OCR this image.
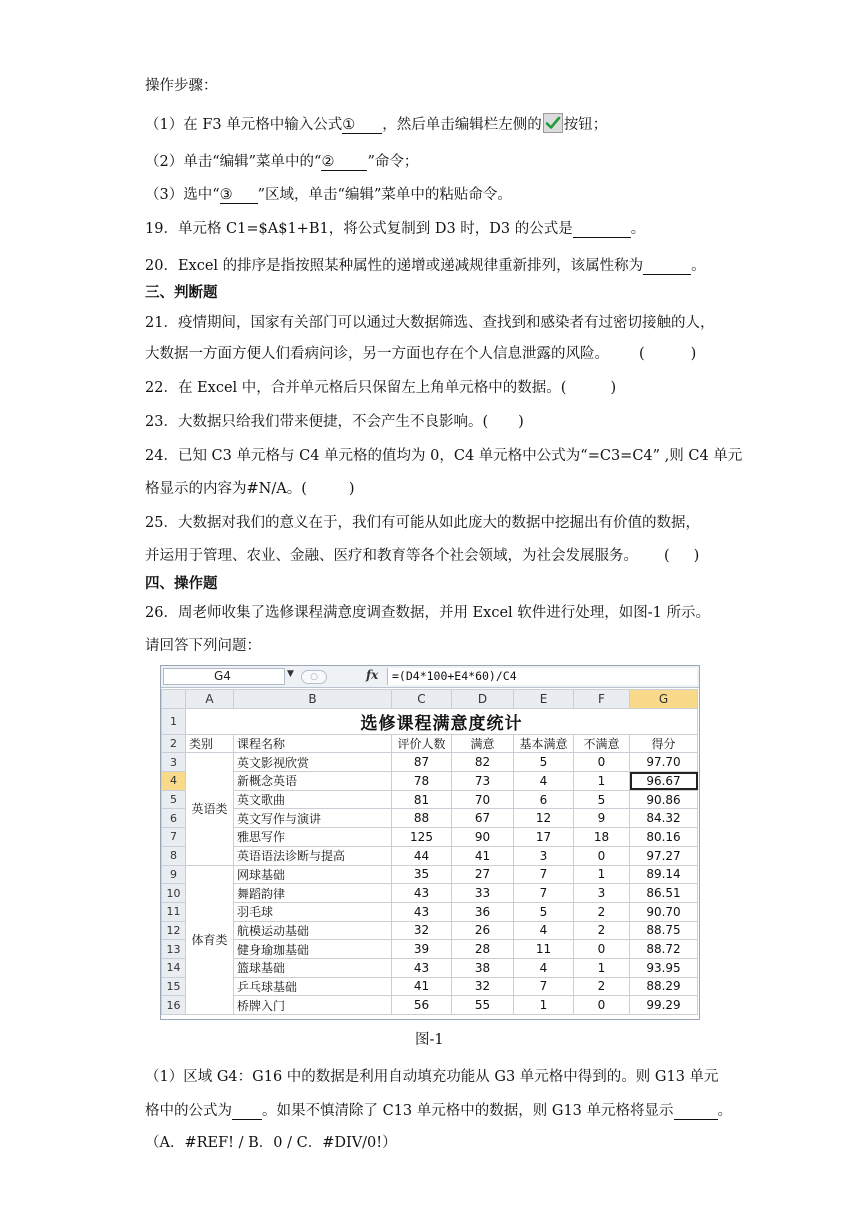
操作步骤：
（1）在 F3 单元格中输入公式① ，然后单击编辑栏左侧的 按钮；
（2）单击“编辑”菜单中的“② ”命令；
（3）选中“③ ”区域，单击“编辑”菜单中的粘贴命令。
19．单元格 C1=$A$1+B1，将公式复制到 D3 时，D3 的公式是	。
20．Excel 的排序是指按照某种属性的递增或递减规律重新排列，该属性称为	。
三、判断题
21．疫情期间，国家有关部门可以通过大数据筛选、查找到和感染者有过密切接触的人，
大数据一方面方便人们看病问诊，另一方面也存在个人信息泄露的风险。 (	)
22．在 Excel 中，合并单元格后只保留左上角单元格中的数据。(	)
23．大数据只给我们带来便捷，不会产生不良影响。( )
24．已知 C3 单元格与 C4 单元格的值均为 0，C4 单元格中公式为“=C3=C4” ,则 C4 单元
格显示的内容为#N/A。(	)
25．大数据对我们的意义在于，我们有可能从如此庞大的数据中挖掘出有价值的数据，
并运用于管理、农业、金融、医疗和教育等各个社会领域，为社会发展服务。 ( )
四、操作题
26．周老师收集了选修课程满意度调查数据，并用 Excel 软件进行处理，如图-1 所示。
请回答下列问题：
G4	▼	○	fx	=(D4*100+E4*60)/C4
	A	B	C	D	E	F	G
1	选修课程满意度统计						
2	类别	课程名称	评价人数	满意	基本满意	不满意	得分
3	英语类	英文影视欣赏	87	82	5	0	97.70
4		新概念英语	78	73	4	1	96.67
5		英文歌曲	81	70	6	5	90.86
6		英文写作与演讲	88	67	12	9	84.32
7		雅思写作	125	90	17	18	80.16
8		英语语法诊断与提高	44	41	3	0	97.27
9	体育类	网球基础	35	27	7	1	89.14
10		舞蹈韵律	43	33	7	3	86.51
11		羽毛球	43	36	5	2	90.70
12		航模运动基础	32	26	4	2	88.75
13		健身瑜珈基础	39	28	11	0	88.72
14		篮球基础	43	38	4	1	93.95
15		乒乓球基础	41	32	7	2	88.29
16		桥牌入门	56	55	1	0	99.29
图-1
（1）区域 G4：G16 中的数据是利用自动填充功能从 G3 单元格中得到的。则 G13 单元
格中的公式为 。如果不慎清除了 C13 单元格中的数据，则 G13 单元格将显示	。
（A．#REF! / B．0 / C．#DIV/0!）
